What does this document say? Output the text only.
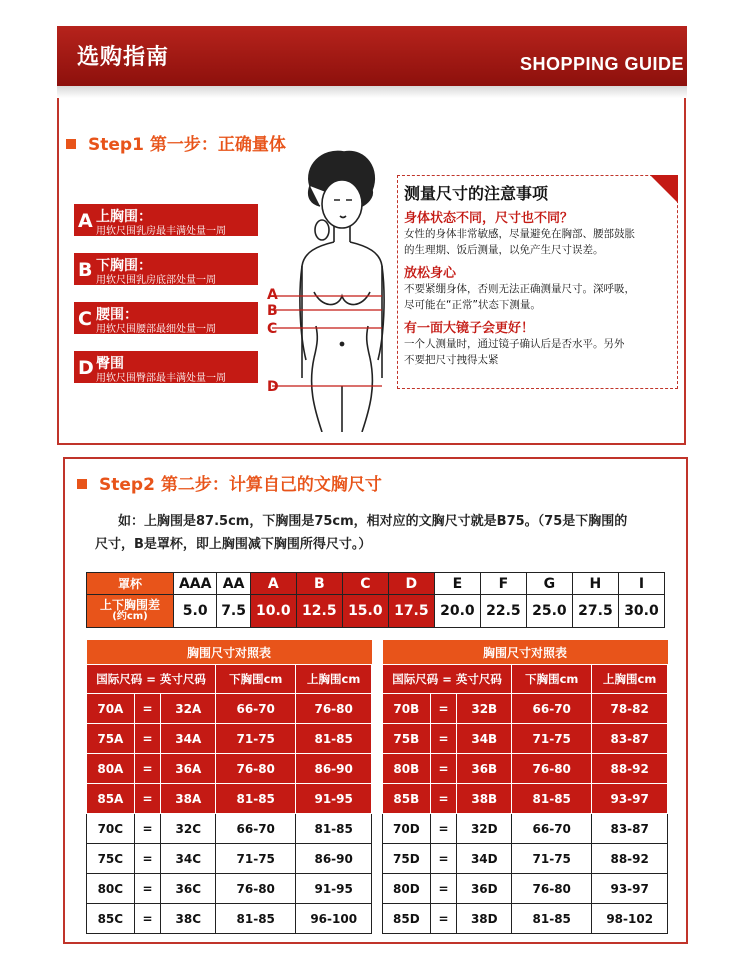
选购指南	SHOPPING GUIDE
Step1 第一步：正确量体
A 上胸围：
用软尺围乳房最丰满处量一周
B 下胸围：
用软尺围乳房底部处量一周
C 腰围：
用软尺围腰部最细处量一周
D 臀围
用软尺围臀部最丰满处量一周
A
B
C
D
测量尺寸的注意事项
身体状态不同，尺寸也不同？
女性的身体非常敏感，尽量避免在胸部、腰部鼓胀
的生理期、饭后测量，以免产生尺寸误差。
放松身心
不要紧绷身体，否则无法正确测量尺寸。深呼吸，
尽可能在“正常”状态下测量。
有一面大镜子会更好！
一个人测量时，通过镜子确认后是否水平。另外
不要把尺寸拽得太紧
Step2 第二步：计算自己的文胸尺寸
如：上胸围是87.5cm，下胸围是75cm，相对应的文胸尺寸就是B75。（75是下胸围的
尺寸，B是罩杯，即上胸围减下胸围所得尺寸。）
罩杯	AAA	AA	A	B	C	D	E	F	G	H	I

上下胸围差
(约cm)	5.0	7.5	10.0	12.5	15.0	17.5	20.0	22.5	25.0	27.5	30.0
胸围尺寸对照表				
国际尺码 = 英寸尺码			下胸围cm	上胸围cm
70A	=	32A	66-70	76-80
75A	=	34A	71-75	81-85
80A	=	36A	76-80	86-90
85A	=	38A	81-85	91-95
70C	=	32C	66-70	81-85
75C	=	34C	71-75	86-90
80C	=	36C	76-80	91-95
85C	=	38C	81-85	96-100
胸围尺寸对照表				
国际尺码 = 英寸尺码			下胸围cm	上胸围cm
70B	=	32B	66-70	78-82
75B	=	34B	71-75	83-87
80B	=	36B	76-80	88-92
85B	=	38B	81-85	93-97
70D	=	32D	66-70	83-87
75D	=	34D	71-75	88-92
80D	=	36D	76-80	93-97
85D	=	38D	81-85	98-102
